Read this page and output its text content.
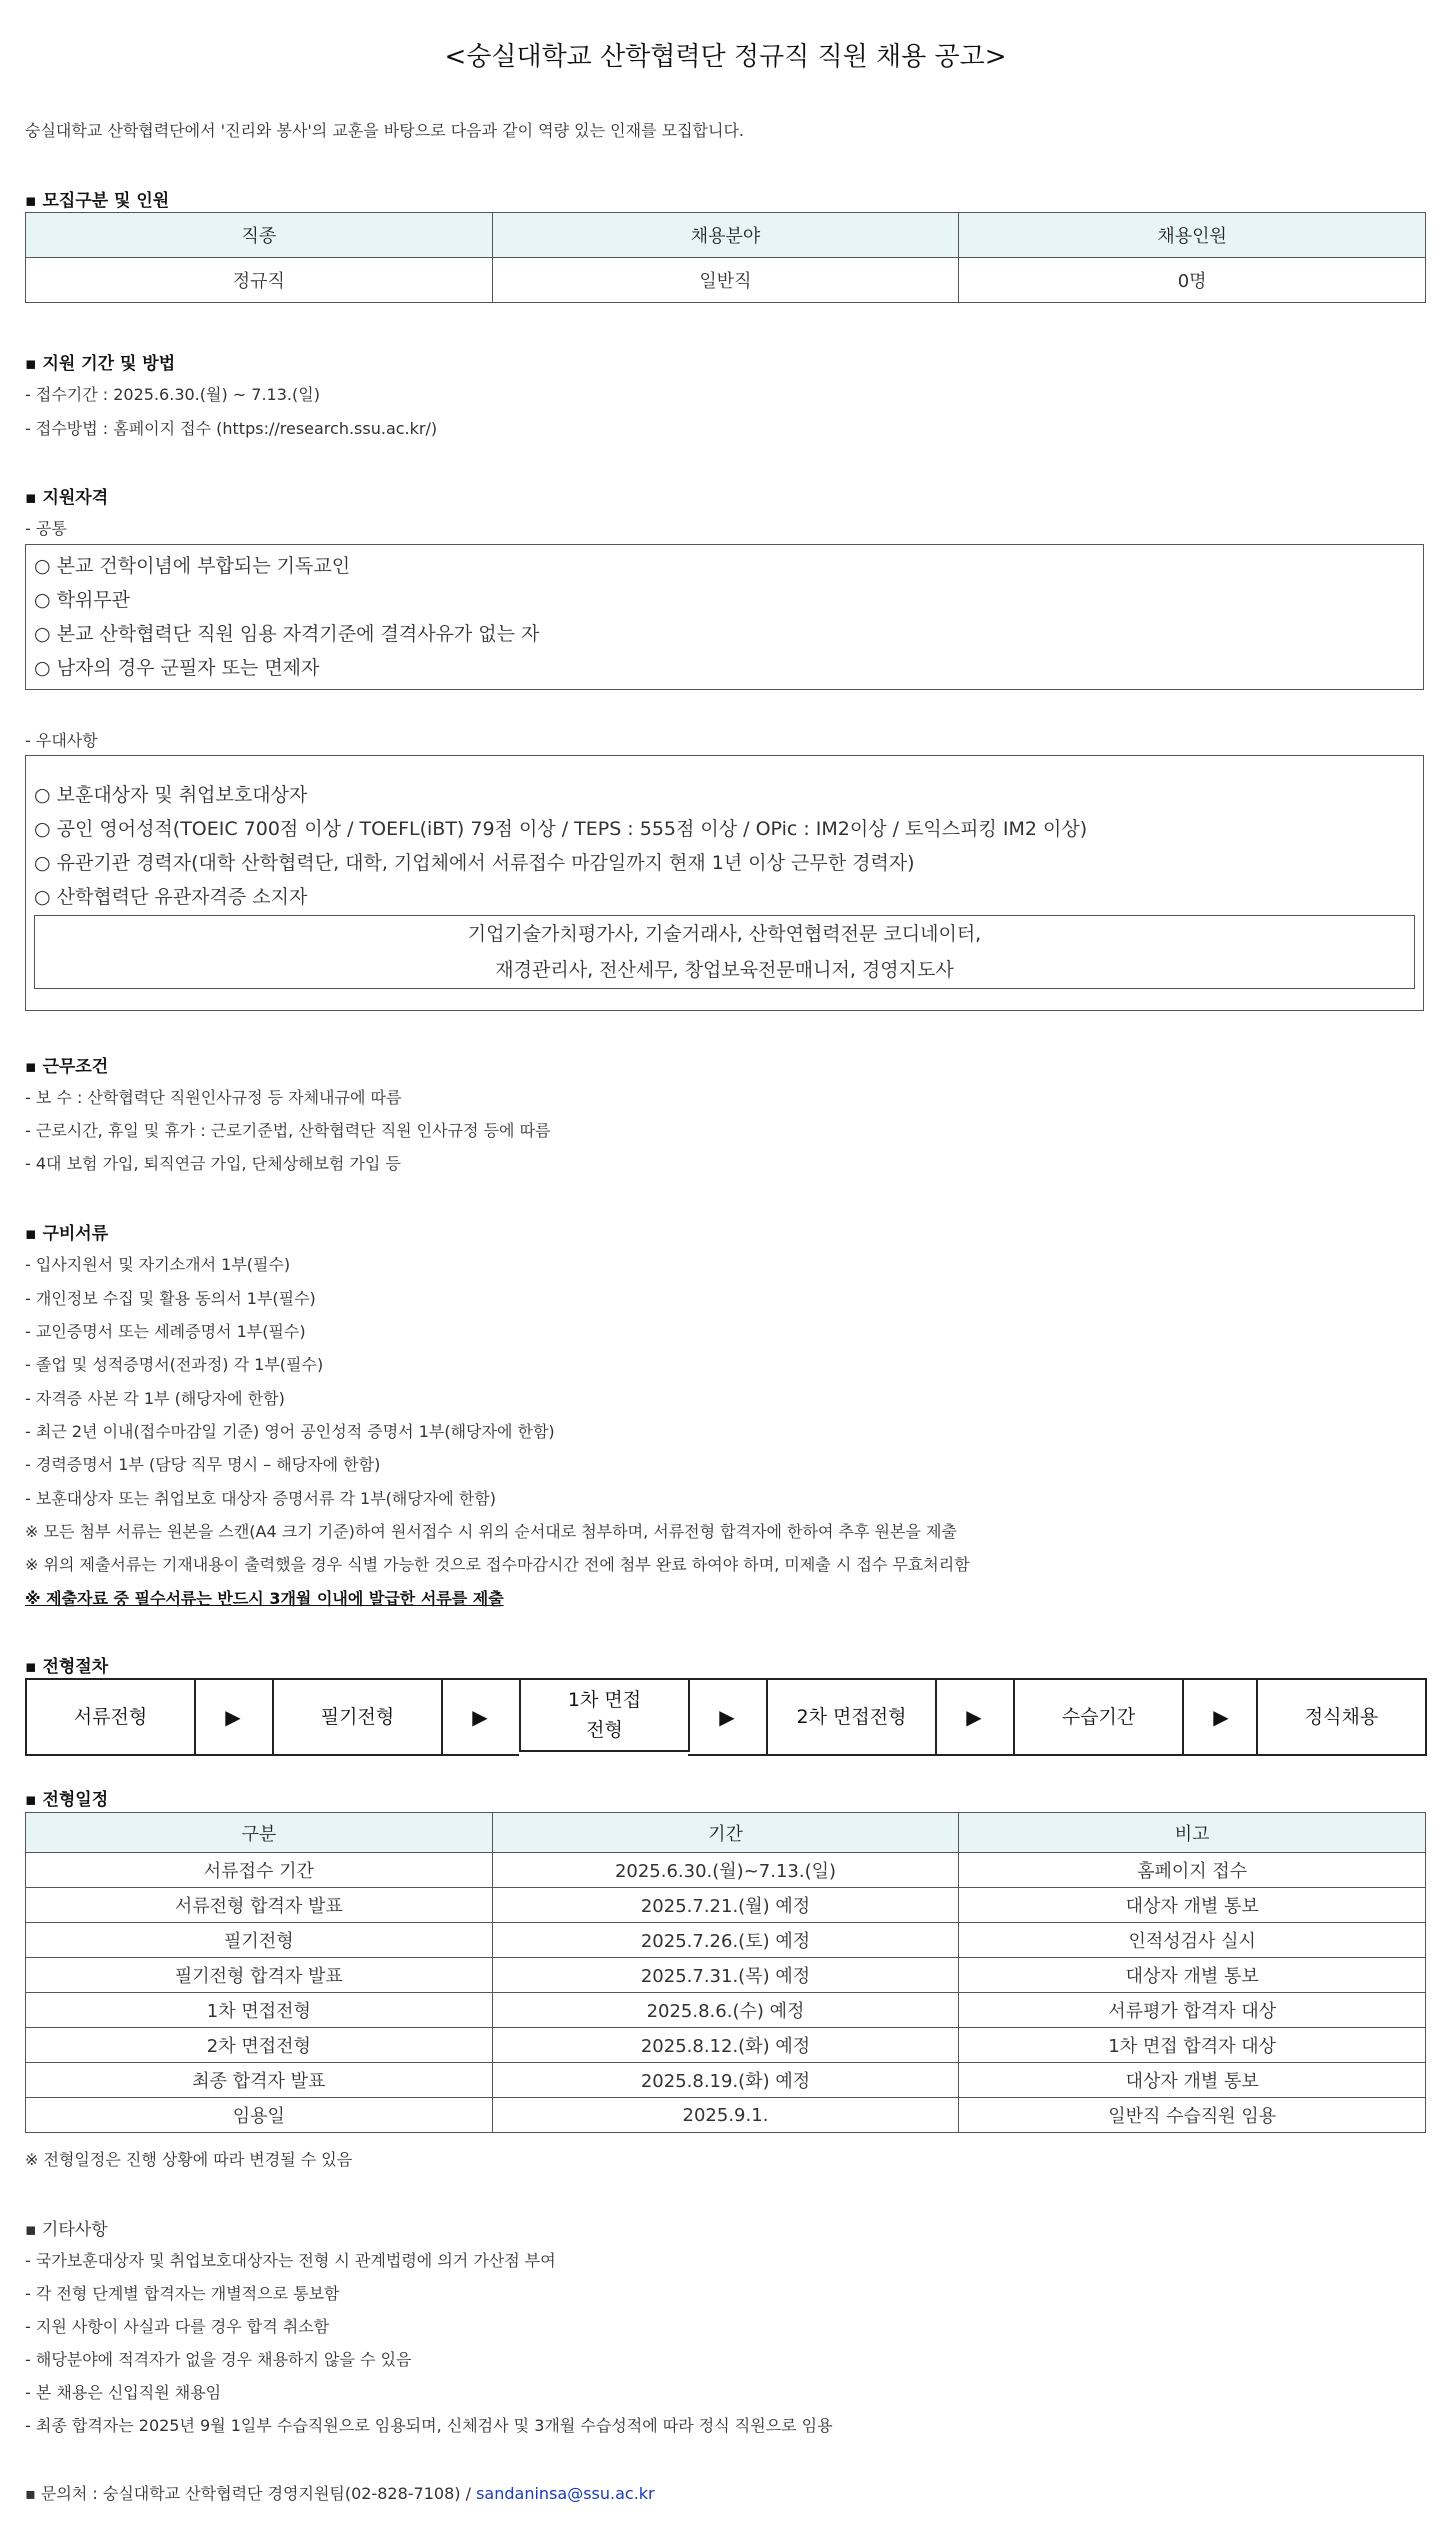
<숭실대학교 산학협력단 정규직 직원 채용 공고>
숭실대학교 산학협력단에서 '진리와 봉사'의 교훈을 바탕으로 다음과 같이 역량 있는 인재를 모집합니다.
▪ 모집구분 및 인원
직종	채용분야	채용인원
정규직	일반직	0명
▪ 지원 기간 및 방법
- 접수기간 : 2025.6.30.(월) ~ 7.13.(일)
- 접수방법 : 홈페이지 접수 (https://research.ssu.ac.kr/)
▪ 지원자격
- 공통
○ 본교 건학이념에 부합되는 기독교인
○ 학위무관
○ 본교 산학협력단 직원 임용 자격기준에 결격사유가 없는 자
○ 남자의 경우 군필자 또는 면제자
- 우대사항
○ 보훈대상자 및 취업보호대상자
○ 공인 영어성적(TOEIC 700점 이상 / TOEFL(iBT) 79점 이상 / TEPS : 555점 이상 / OPic : IM2이상 / 토익스피킹 IM2 이상)
○ 유관기관 경력자(대학 산학협력단, 대학, 기업체에서 서류접수 마감일까지 현재 1년 이상 근무한 경력자)
○ 산학협력단 유관자격증 소지자
기업기술가치평가사, 기술거래사, 산학연협력전문 코디네이터,
재경관리사, 전산세무, 창업보육전문매니저, 경영지도사
▪ 근무조건
- 보 수 : 산학협력단 직원인사규정 등 자체내규에 따름
- 근로시간, 휴일 및 휴가 : 근로기준법, 산학협력단 직원 인사규정 등에 따름
- 4대 보험 가입, 퇴직연금 가입, 단체상해보험 가입 등
▪ 구비서류
- 입사지원서 및 자기소개서 1부(필수)
- 개인정보 수집 및 활용 동의서 1부(필수)
- 교인증명서 또는 세례증명서 1부(필수)
- 졸업 및 성적증명서(전과정) 각 1부(필수)
- 자격증 사본 각 1부 (해당자에 한함)
- 최근 2년 이내(접수마감일 기준) 영어 공인성적 증명서 1부(해당자에 한함)
- 경력증명서 1부 (담당 직무 명시 – 해당자에 한함)
- 보훈대상자 또는 취업보호 대상자 증명서류 각 1부(해당자에 한함)
※ 모든 첨부 서류는 원본을 스캔(A4 크기 기준)하여 원서접수 시 위의 순서대로 첨부하며, 서류전형 합격자에 한하여 추후 원본을 제출
※ 위의 제출서류는 기재내용이 출력했을 경우 식별 가능한 것으로 접수마감시간 전에 첨부 완료 하여야 하며, 미제출 시 접수 무효처리함
※ 제출자료 중 필수서류는 반드시 3개월 이내에 발급한 서류를 제출
▪ 전형절차
서류전형	▶	필기전형	▶
1차 면접전형
▶	2차 면접전형	▶	수습기간	▶	정식채용
▪ 전형일정
구분	기간	비고
서류접수 기간	2025.6.30.(월)~7.13.(일)	홈페이지 접수
서류전형 합격자 발표	2025.7.21.(월) 예정	대상자 개별 통보
필기전형	2025.7.26.(토) 예정	인적성검사 실시
필기전형 합격자 발표	2025.7.31.(목) 예정	대상자 개별 통보
1차 면접전형	2025.8.6.(수) 예정	서류평가 합격자 대상
2차 면접전형	2025.8.12.(화) 예정	1차 면접 합격자 대상
최종 합격자 발표	2025.8.19.(화) 예정	대상자 개별 통보
임용일	2025.9.1.	일반직 수습직원 임용
※ 전형일정은 진행 상황에 따라 변경될 수 있음
▪ 기타사항
- 국가보훈대상자 및 취업보호대상자는 전형 시 관계법령에 의거 가산점 부여
- 각 전형 단계별 합격자는 개별적으로 통보함
- 지원 사항이 사실과 다를 경우 합격 취소함
- 해당분야에 적격자가 없을 경우 채용하지 않을 수 있음
- 본 채용은 신입직원 채용임
- 최종 합격자는 2025년 9월 1일부 수습직원으로 임용되며, 신체검사 및 3개월 수습성적에 따라 정식 직원으로 임용
▪ 문의처 : 숭실대학교 산학협력단 경영지원팀(02-828-7108) / sandaninsa@ssu.ac.kr
